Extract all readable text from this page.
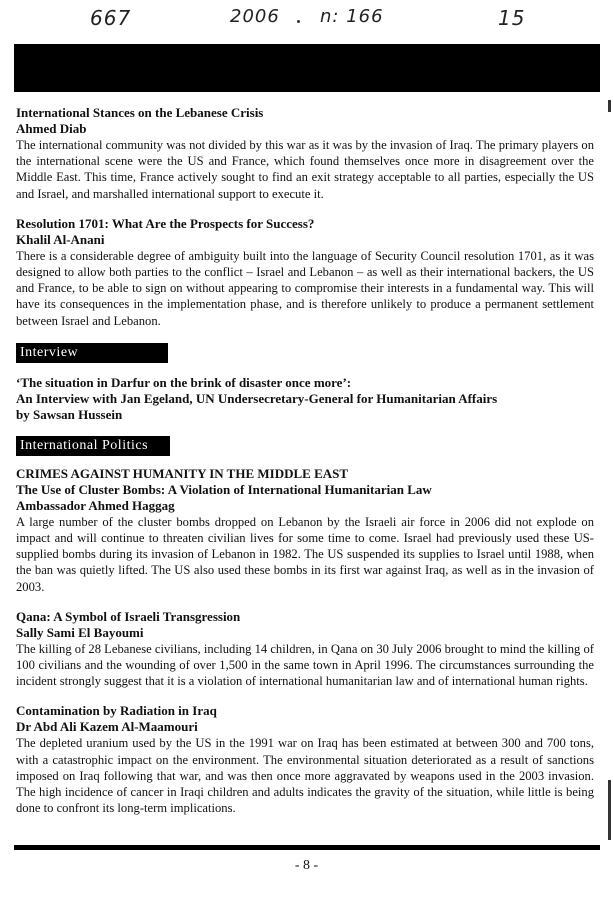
667	2006 n: 166	15

International Stances on the Lebanese Crisis

Ahmed Diab

The international community was not divided by this war as it was by the invasion of Iraq. The primary players on the international scene were the US and France, which found themselves once more in disagreement over the Middle East. This time, France actively sought to find an exit strategy acceptable to all parties, especially the US and Israel, and marshalled international support to execute it.

Resolution 1701: What Are the Prospects for Success?

Khalil Al-Anani

There is a considerable degree of ambiguity built into the language of Security Council resolution 1701, as it was designed to allow both parties to the conflict – Israel and Lebanon – as well as their international backers, the US and France, to be able to sign on without appearing to compromise their interests in a fundamental way. This will have its consequences in the implementation phase, and is therefore unlikely to produce a permanent settlement between Israel and Lebanon.

Interview

‘The situation in Darfur on the brink of disaster once more’:

An Interview with Jan Egeland, UN Undersecretary-General for Humanitarian Affairs

by Sawsan Hussein

International Politics

CRIMES AGAINST HUMANITY IN THE MIDDLE EAST

The Use of Cluster Bombs: A Violation of International Humanitarian Law

Ambassador Ahmed Haggag

A large number of the cluster bombs dropped on Lebanon by the Israeli air force in 2006 did not explode on impact and will continue to threaten civilian lives for some time to come. Israel had previously used these US-supplied bombs during its invasion of Lebanon in 1982. The US suspended its supplies to Israel until 1988, when the ban was quietly lifted. The US also used these bombs in its first war against Iraq, as well as in the invasion of 2003.

Qana: A Symbol of Israeli Transgression

Sally Sami El Bayoumi

The killing of 28 Lebanese civilians, including 14 children, in Qana on 30 July 2006 brought to mind the killing of 100 civilians and the wounding of over 1,500 in the same town in April 1996. The circumstances surrounding the incident strongly suggest that it is a violation of international humanitarian law and of international human rights.

Contamination by Radiation in Iraq

Dr Abd Ali Kazem Al-Maamouri

The depleted uranium used by the US in the 1991 war on Iraq has been estimated at between 300 and 700 tons, with a catastrophic impact on the environment. The environmental situation deteriorated as a result of sanctions imposed on Iraq following that war, and was then once more aggravated by weapons used in the 2003 invasion. The high incidence of cancer in Iraqi children and adults indicates the gravity of the situation, while little is being done to confront its long-term implications.

- 8 -
